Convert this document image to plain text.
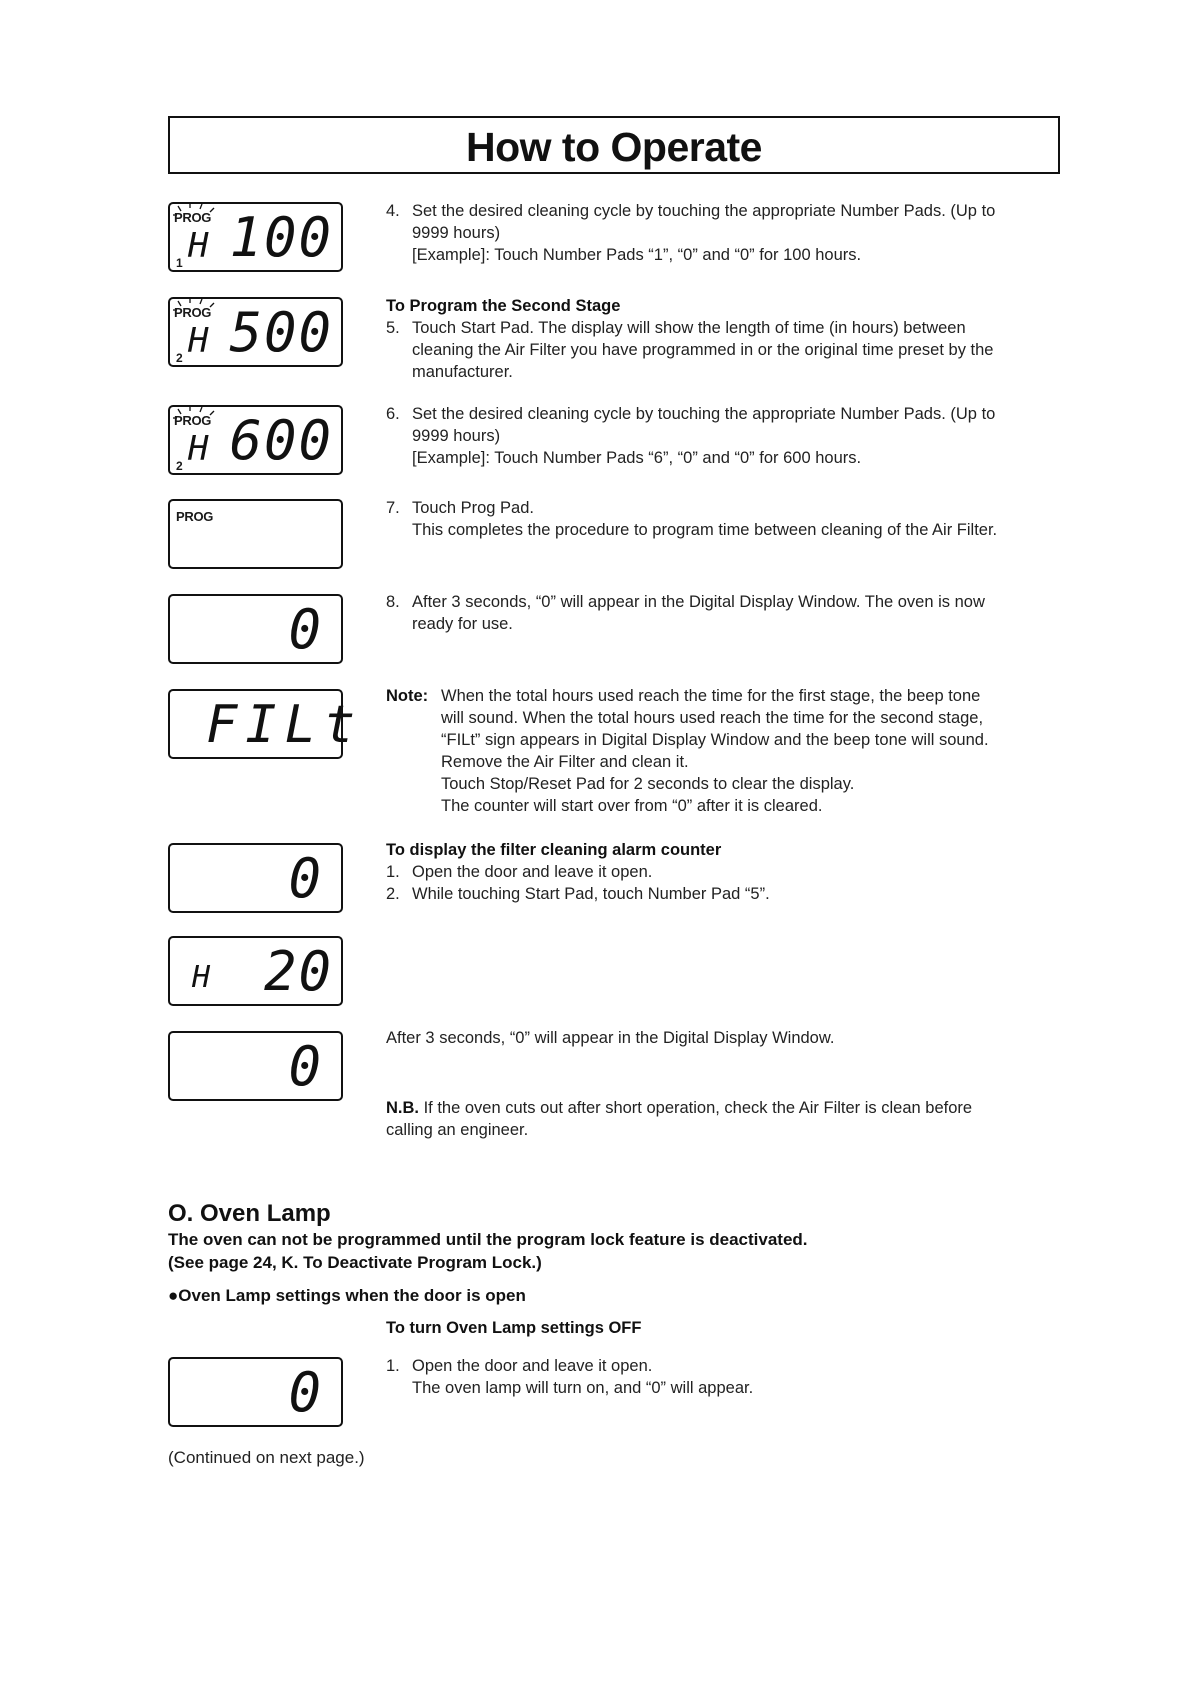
How to Operate
PROG
H 100
1
PROG
H 500
2
PROG
H 600
2
PROG
0
FILt
0
H 20
0
0
4. Set the desired cleaning cycle by touching the appropriate Number Pads. (Up to
9999 hours)
[Example]: Touch Number Pads “1”, “0” and “0” for 100 hours.
To Program the Second Stage
5. Touch Start Pad. The display will show the length of time (in hours) between
cleaning the Air Filter you have programmed in or the original time preset by the
manufacturer.
6. Set the desired cleaning cycle by touching the appropriate Number Pads. (Up to
9999 hours)
[Example]: Touch Number Pads “6”, “0” and “0” for 600 hours.
7. Touch Prog Pad.
This completes the procedure to program time between cleaning of the Air Filter.
8. After 3 seconds, “0” will appear in the Digital Display Window. The oven is now
ready for use.
Note: When the total hours used reach the time for the first stage, the beep tone
will sound. When the total hours used reach the time for the second stage,
“FILt” sign appears in Digital Display Window and the beep tone will sound.
Remove the Air Filter and clean it.
Touch Stop/Reset Pad for 2 seconds to clear the display.
The counter will start over from “0” after it is cleared.
To display the filter cleaning alarm counter
1. Open the door and leave it open.
2. While touching Start Pad, touch Number Pad “5”.
After 3 seconds, “0” will appear in the Digital Display Window.
N.B. If the oven cuts out after short operation, check the Air Filter is clean before
calling an engineer.
O. Oven Lamp
The oven can not be programmed until the program lock feature is deactivated.
(See page 24, K. To Deactivate Program Lock.)
●Oven Lamp settings when the door is open
To turn Oven Lamp settings OFF
1. Open the door and leave it open.
The oven lamp will turn on, and “0” will appear.
(Continued on next page.)
